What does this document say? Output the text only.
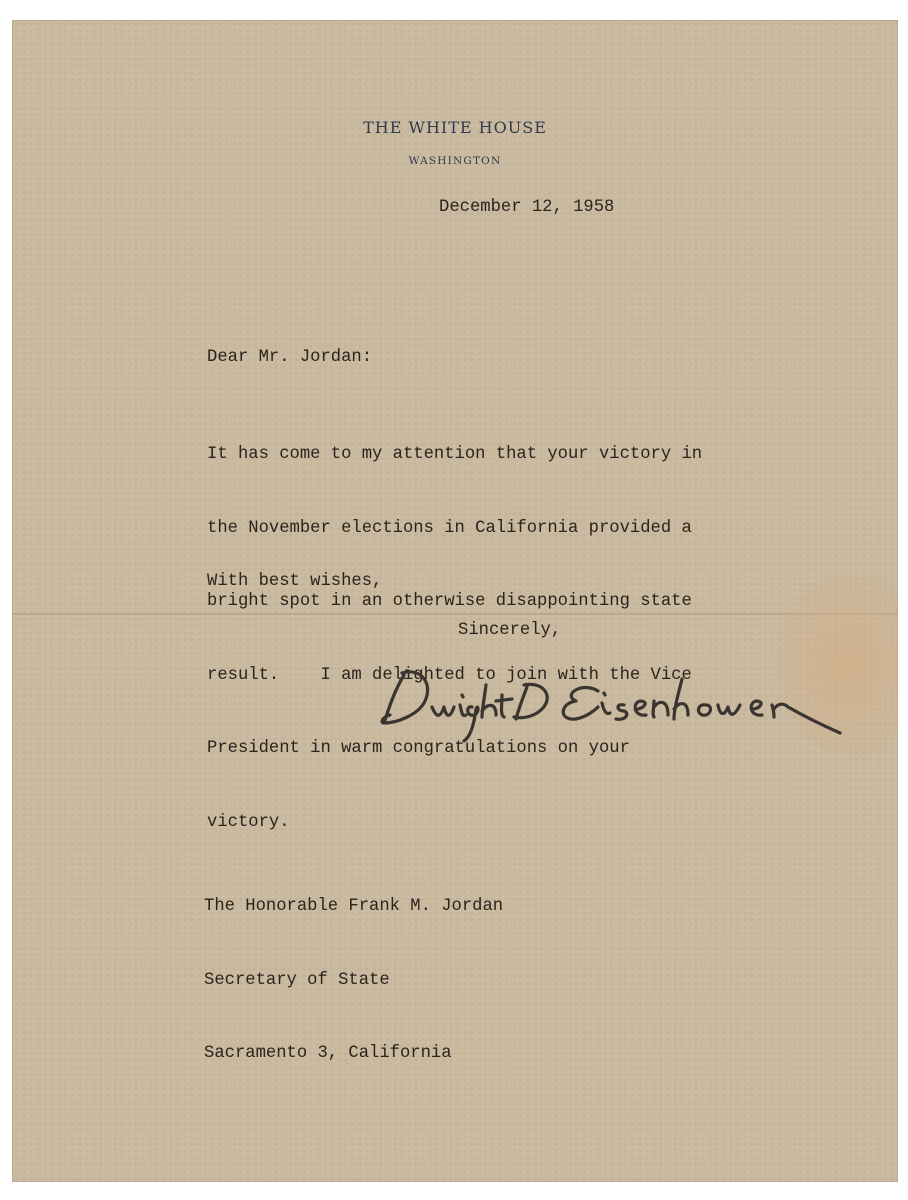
THE WHITE HOUSE
WASHINGTON
December 12, 1958
Dear Mr. Jordan:

It has come to my attention that your victory in

the November elections in California provided a

bright spot in an otherwise disappointing state

result.    I am delighted to join with the Vice

President in warm congratulations on your

victory.

With best wishes,
Sincerely,

The Honorable Frank M. Jordan

Secretary of State

Sacramento 3, California
